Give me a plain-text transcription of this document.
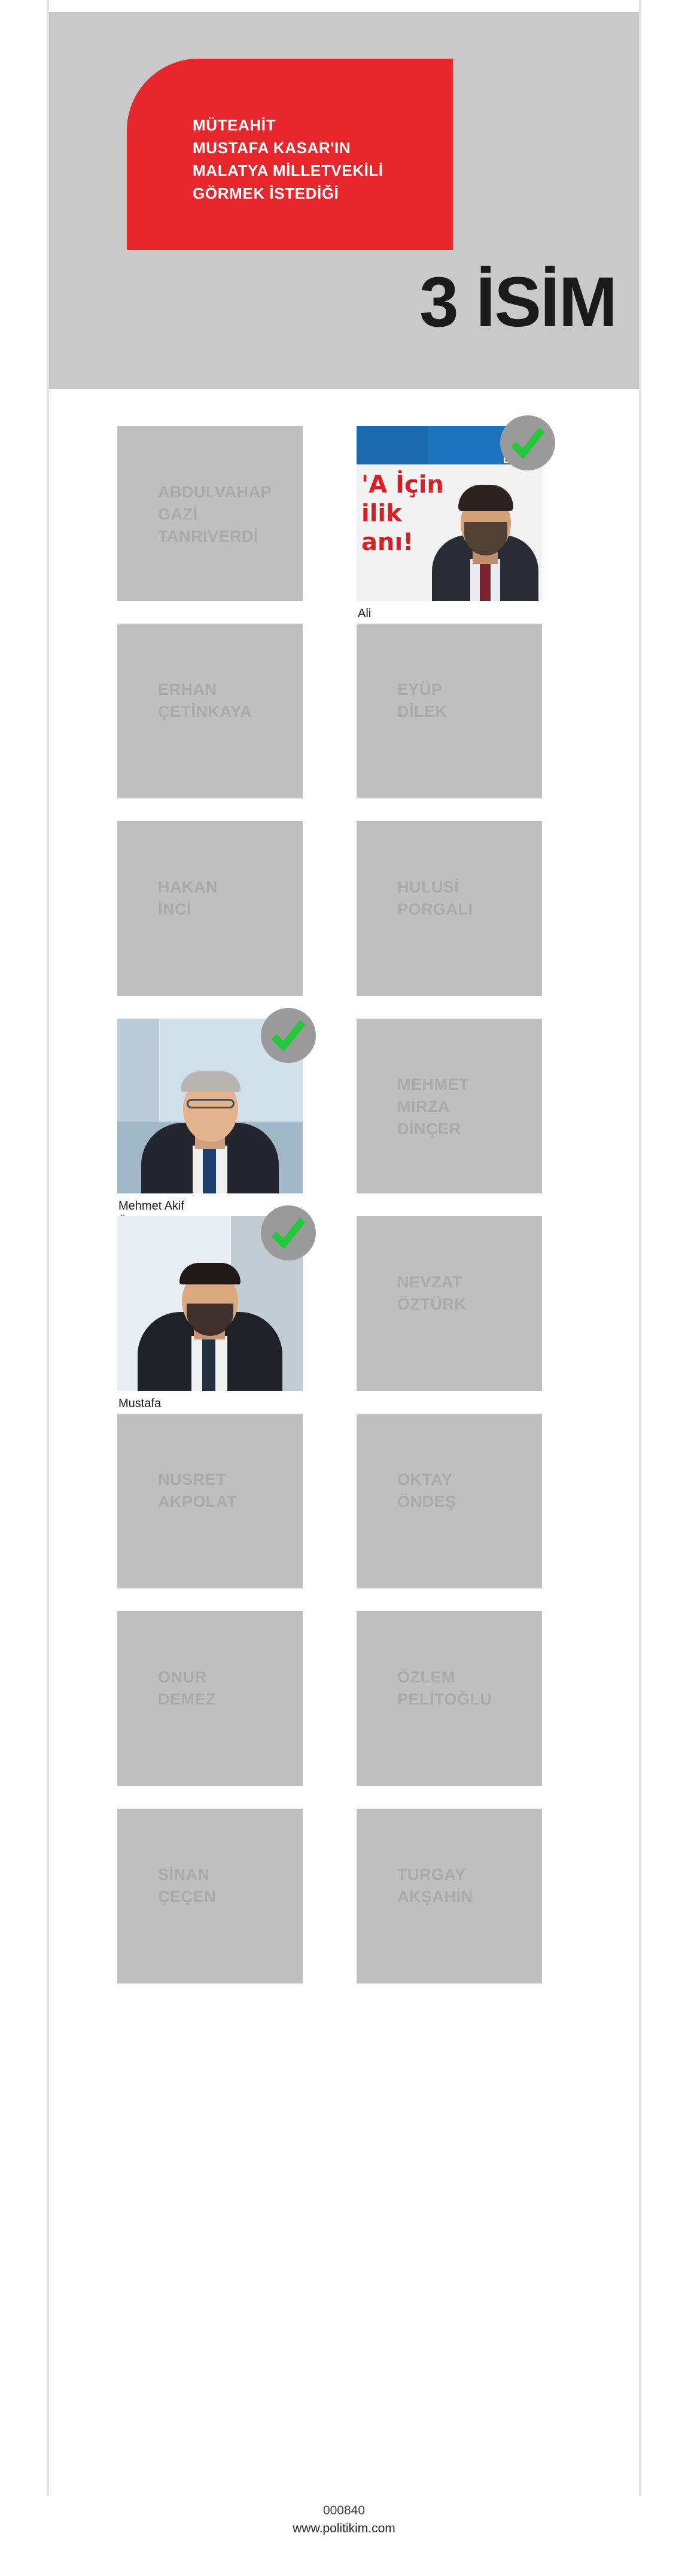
MÜTEAHİT
MUSTAFA KASAR'IN
MALATYA MİLLETVEKİLİ
GÖRMEK İSTEDİĞİ
3 İSİM
ABDULVAHAP
GAZİ
TANRIVERDİ
'A İçin
ilik
anı!
Ali
ERHAN
ÇETİNKAYA
EYÜP
DİLEK
HAKAN
İNCİ
HULUSİ
PORGALI
Mehmet Akif
MEHMET
MİRZA
DİNÇER
Mustafa
NEVZAT
ÖZTÜRK
NUSRET
AKPOLAT
OKTAY
ÖNDEŞ
ONUR
DEMEZ
ÖZLEM
PELİTOĞLU
SİNAN
ÇEÇEN
TURGAY
AKŞAHİN
000840
www.politikim.com
